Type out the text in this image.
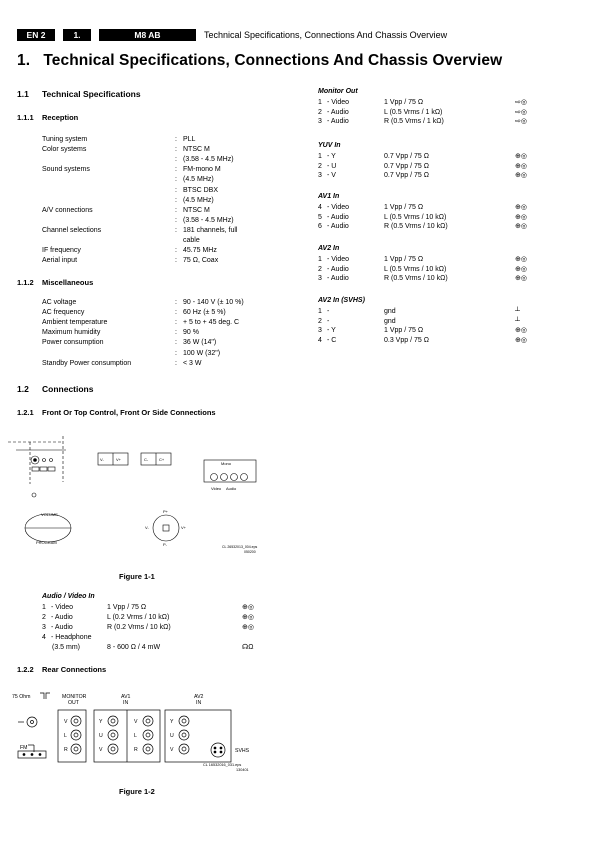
EN 2	1.	M8 AB	Technical Specifications, Connections And Chassis Overview
1. Technical Specifications, Connections And Chassis Overview
1.1 Technical Specifications
1.1.1 Reception
Tuning system	: PLL
Color systems	: NTSC M
: (3.58 - 4.5 MHz)
Sound systems	: FM-mono M
: (4.5 MHz)
: BTSC DBX
: (4.5 MHz)
A/V connections	: NTSC M
: (3.58 - 4.5 MHz)
Channel selections	: 181 channels, full
cable
IF frequency	: 45.75 MHz
Aerial input	: 75 Ω, Coax
1.1.2 Miscellaneous
AC voltage	: 90 - 140 V (± 10 %)
AC frequency	: 60 Hz (± 5 %)
Ambient temperature	: + 5 to + 45 deg. C
Maximum humidity	: 90 %
Power consumption	: 36 W (14")
: 100 W (32")
Standby Power consumption	: < 3 W
1.2 Connections
1.2.1 Front Or Top Control, Front Or Side Connections
Monitor Out
1 - Video	1 Vpp / 75 Ω	⇨◎
2 - Audio	L (0.5 Vrms / 1 kΩ)	⇨◎
3 - Audio	R (0.5 Vrms / 1 kΩ)	⇨◎
YUV In
1 - Y	0.7 Vpp / 75 Ω	⊕◎
2 - U	0.7 Vpp / 75 Ω	⊕◎
3 - V	0.7 Vpp / 75 Ω	⊕◎
AV1 In
4 - Video	1 Vpp / 75 Ω	⊕◎
5 - Audio	L (0.5 Vrms / 10 kΩ)	⊕◎
6 - Audio	R (0.5 Vrms / 10 kΩ)	⊕◎
AV2 In
1 - Video	1 Vpp / 75 Ω	⊕◎
2 - Audio	L (0.5 Vrms / 10 kΩ)	⊕◎
3 - Audio	R (0.5 Vrms / 10 kΩ)	⊕◎
AV2 In (SVHS)
1 -	gnd	┴
2 -	gnd	┴
3 - Y	1 Vpp / 75 Ω	⊕◎
4 - C	0.3 Vpp / 75 Ω	⊕◎
V-	V+	C-	C+
Mono
Video Audio
VOLUME
PROGRAM
P+
P-
V-	V+
CL 26532013_004.eps
050200
Figure 1-1
Audio / Video In
1 - Video	1 Vpp / 75 Ω	⊕◎
2 - Audio	L (0.2 Vrms / 10 kΩ)	⊕◎
3 - Audio	R (0.2 Vrms / 10 kΩ)	⊕◎
4 - Headphone
(3.5 mm)	8 - 600 Ω / 4 mW	☊Ω
1.2.2 Rear Connections
75 Ohm	MONITOR
OUT
AV1
IN
AV2
IN
FM	SVHS
CL 16532016_031.eps
130401
V
L
R
Y
U
V
V
L
R
Y
U
V
Figure 1-2
